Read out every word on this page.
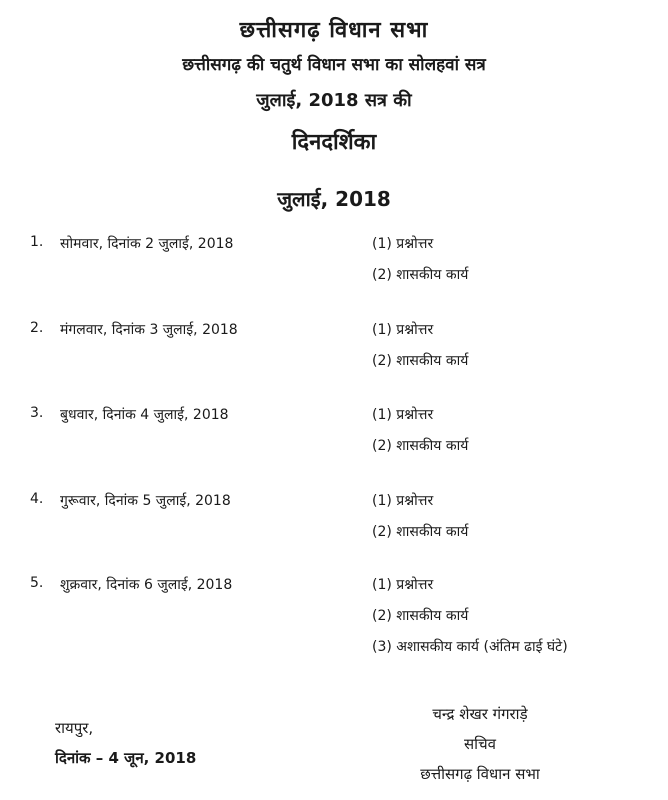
छत्तीसगढ़ विधान सभा
छत्तीसगढ़ की चतुर्थ विधान सभा का सोलहवां सत्र
जुलाई, 2018 सत्र की
दिनदर्शिका
जुलाई, 2018
1. सोमवार, दिनांक 2 जुलाई, 2018	(1) प्रश्नोत्तर
(2) शासकीय कार्य
2. मंगलवार, दिनांक 3 जुलाई, 2018	(1) प्रश्नोत्तर
(2) शासकीय कार्य
3. बुधवार, दिनांक 4 जुलाई, 2018	(1) प्रश्नोत्तर
(2) शासकीय कार्य
4. गुरूवार, दिनांक 5 जुलाई, 2018	(1) प्रश्नोत्तर
(2) शासकीय कार्य
5. शुक्रवार, दिनांक 6 जुलाई, 2018	(1) प्रश्नोत्तर
(2) शासकीय कार्य
(3) अशासकीय कार्य (अंतिम ढाई घंटे)
रायपुर,
दिनांक – 4 जून, 2018
चन्द्र शेखर गंगराड़े
सचिव
छत्तीसगढ़ विधान सभा
